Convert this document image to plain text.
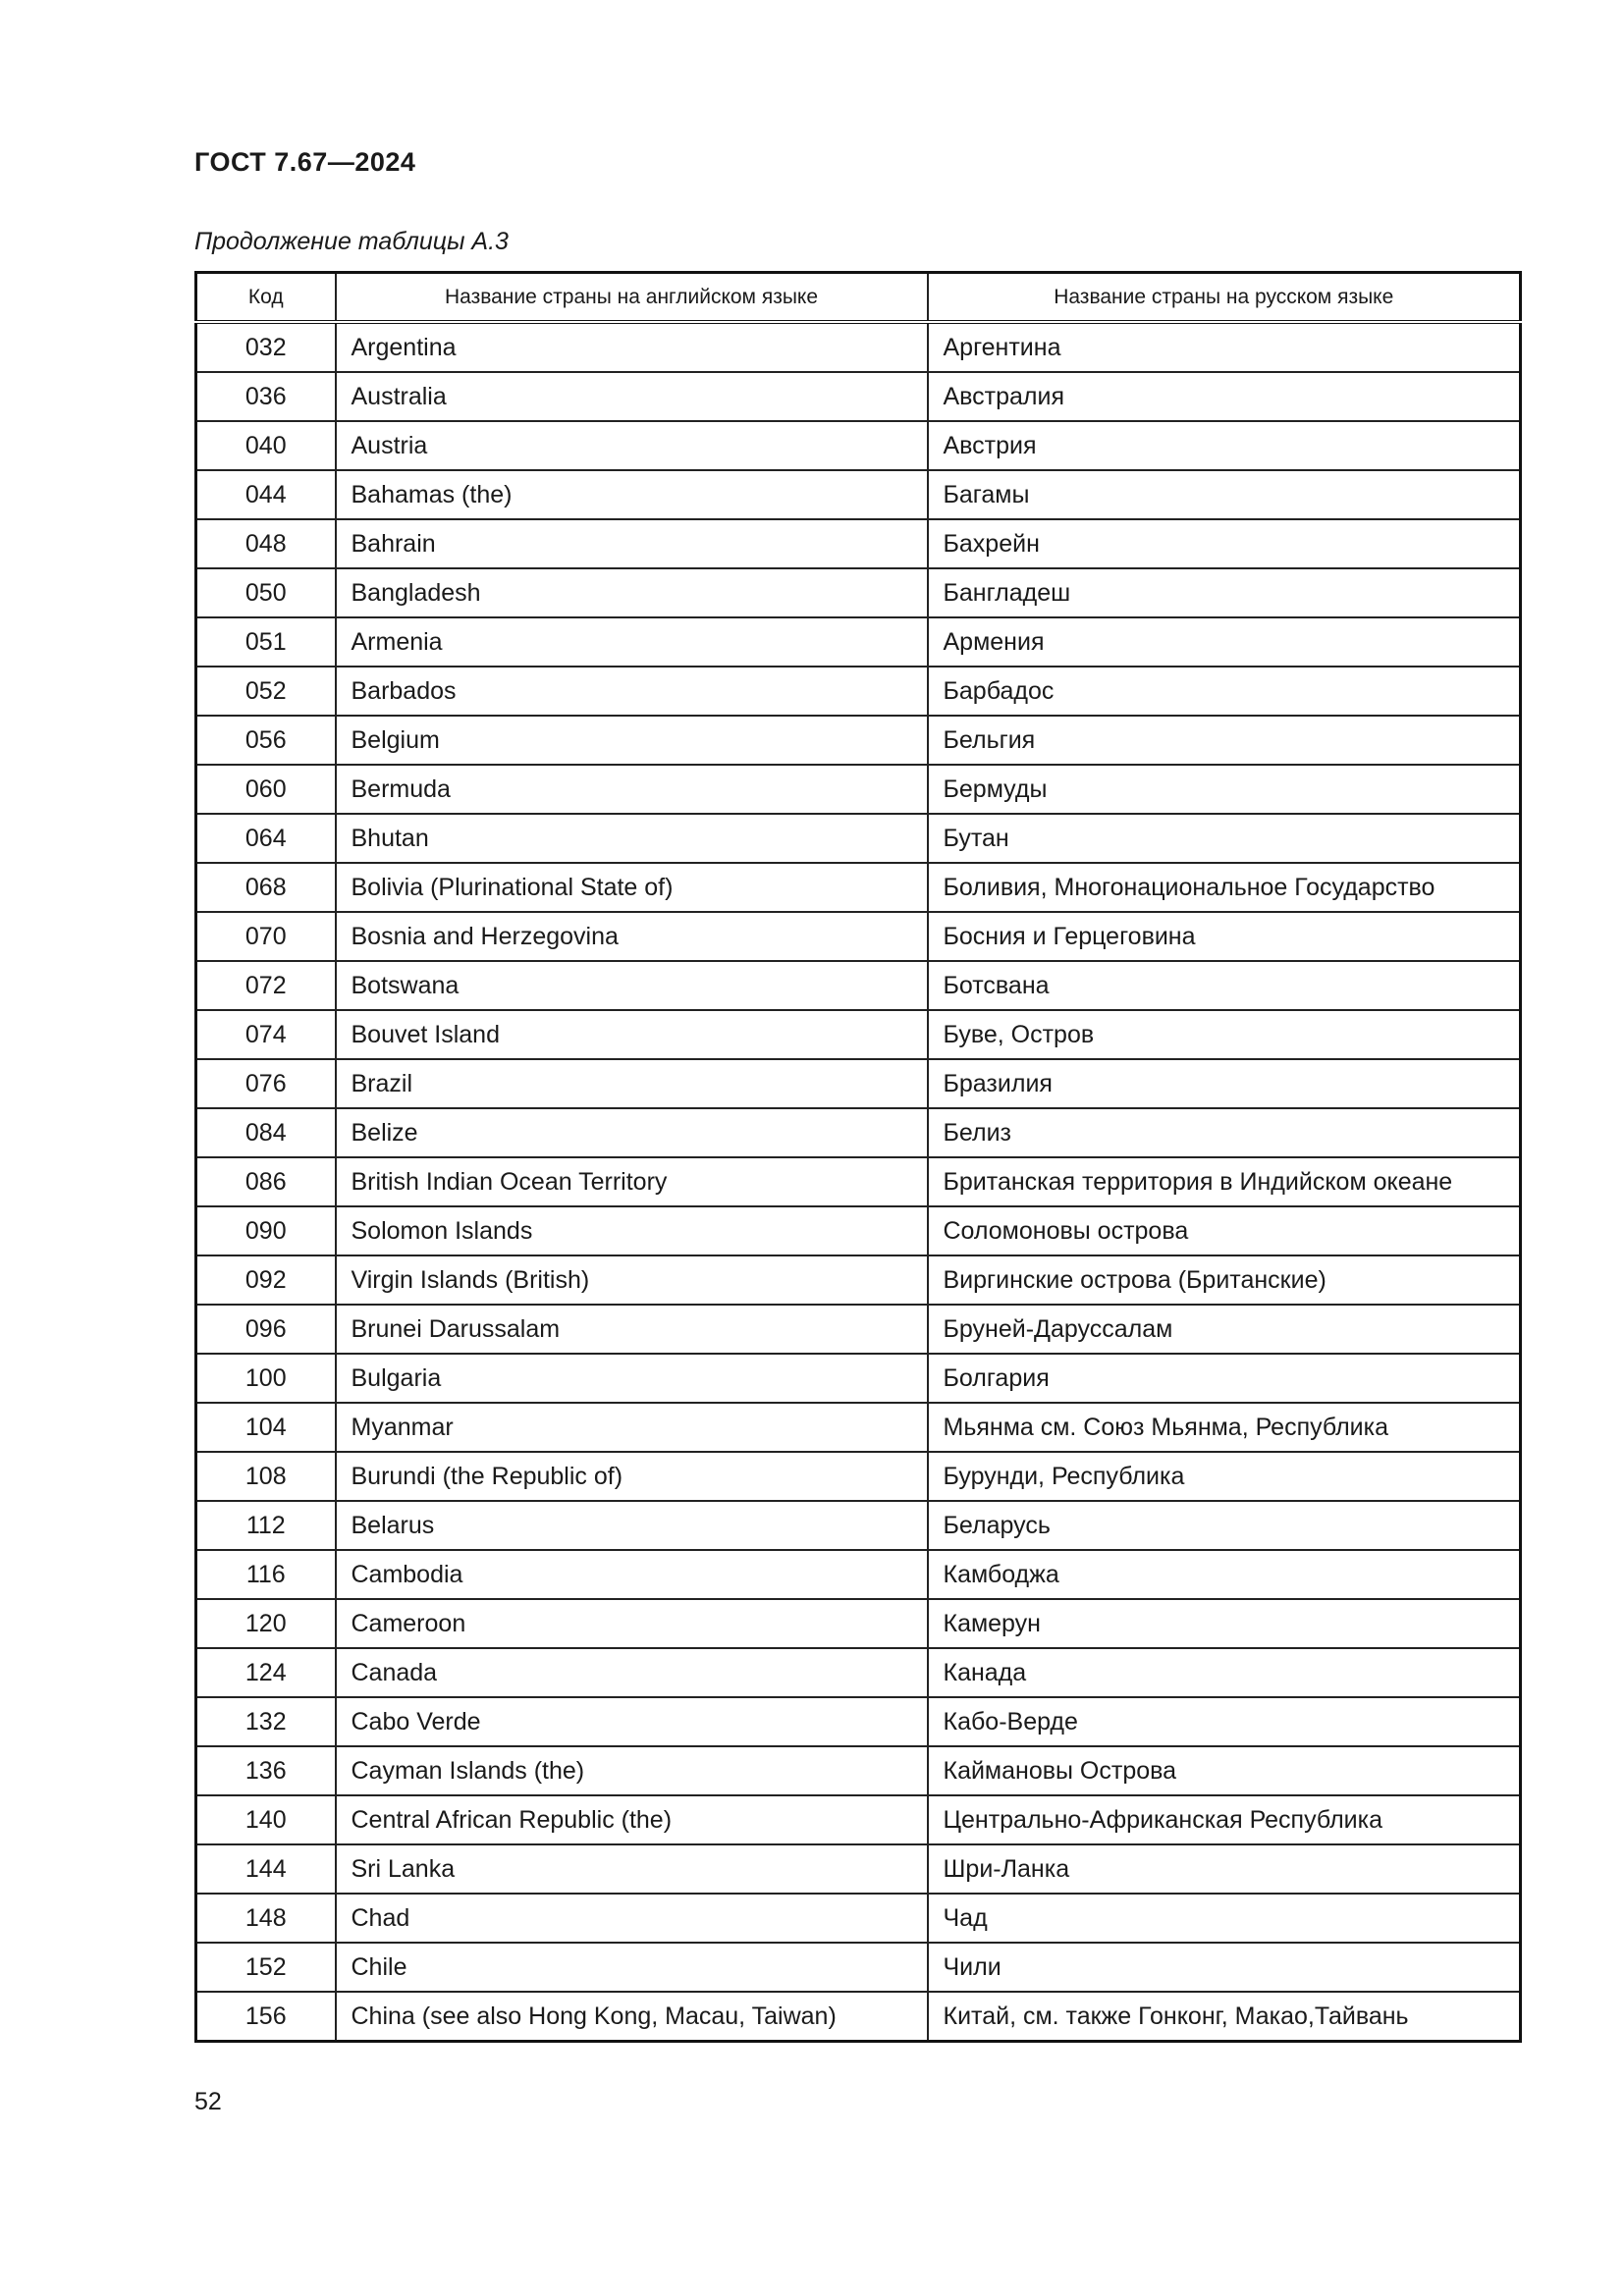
ГОСТ 7.67—2024
Продолжение таблицы А.3
Код	Название страны на английском языке	Название страны на русском языке
032	Argentina	Аргентина
036	Australia	Австралия
040	Austria	Австрия
044	Bahamas (the)	Багамы
048	Bahrain	Бахрейн
050	Bangladesh	Бангладеш
051	Armenia	Армения
052	Barbados	Барбадос
056	Belgium	Бельгия
060	Bermuda	Бермуды
064	Bhutan	Бутан
068	Bolivia (Plurinational State of)	Боливия, Многонациональное Государство
070	Bosnia and Herzegovina	Босния и Герцеговина
072	Botswana	Ботсвана
074	Bouvet Island	Буве, Остров
076	Brazil	Бразилия
084	Belize	Белиз
086	British Indian Ocean Territory	Британская территория в Индийском океане
090	Solomon Islands	Соломоновы острова
092	Virgin Islands (British)	Виргинские острова (Британские)
096	Brunei Darussalam	Бруней-Даруссалам
100	Bulgaria	Болгария
104	Myanmar	Мьянма см. Союз Мьянма, Республика
108	Burundi (the Republic of)	Бурунди, Республика
112	Belarus	Беларусь
116	Cambodia	Камбоджа
120	Cameroon	Камерун
124	Canada	Канада
132	Cabo Verde	Кабо-Верде
136	Cayman Islands (the)	Каймановы Острова
140	Central African Republic (the)	Центрально-Африканская Республика
144	Sri Lanka	Шри-Ланка
148	Chad	Чад
152	Chile	Чили
156	China (see also Hong Kong, Macau, Taiwan)	Китай, см. также Гонконг, Макао,Тайвань
52
